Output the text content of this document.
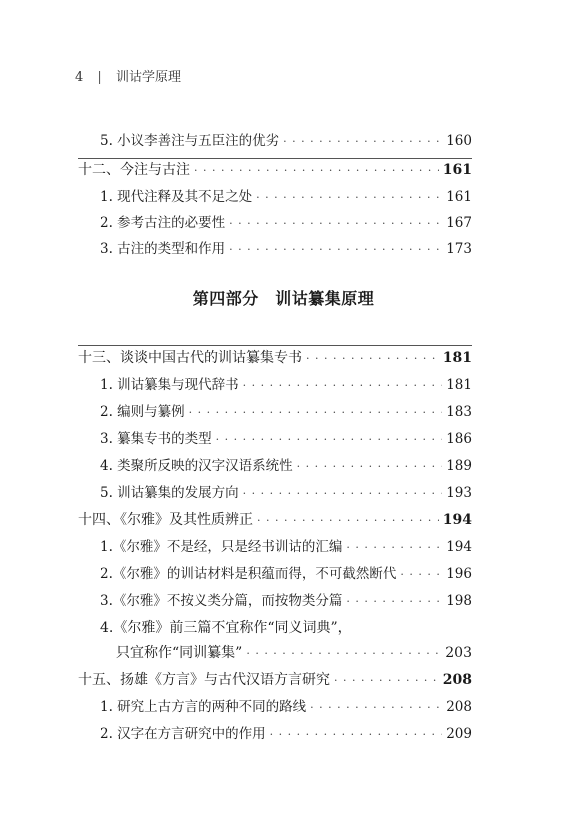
4 | 训诂学原理
5. 小议李善注与五臣注的优劣 · · ·	160
十二、今注与古注 · · ·	161
1. 现代注释及其不足之处 · · ·	161
2. 参考古注的必要性 · · ·	167
3. 古注的类型和作用 · · ·	173
第四部分　训诂纂集原理
十三、谈谈中国古代的训诂纂集专书 · · ·	181
1. 训诂纂集与现代辞书 · · ·	181
2. 编则与纂例 · · ·	183
3. 纂集专书的类型 · · ·	186
4. 类聚所反映的汉字汉语系统性 · · ·	189
5. 训诂纂集的发展方向 · · ·	193
十四、《尔雅》及其性质辨正 · · ·	194
1.《尔雅》不是经，只是经书训诂的汇编 · · ·	194
2.《尔雅》的训诂材料是积蕴而得，不可截然断代 · · ·	196
3.《尔雅》不按义类分篇，而按物类分篇 · · ·	198
4.《尔雅》前三篇不宜称作“同义词典”，
只宜称作“同训纂集” · · ·	203
十五、扬雄《方言》与古代汉语方言研究 · · ·	208
1. 研究上古方言的两种不同的路线 · · ·	208
2. 汉字在方言研究中的作用 · · ·	209
